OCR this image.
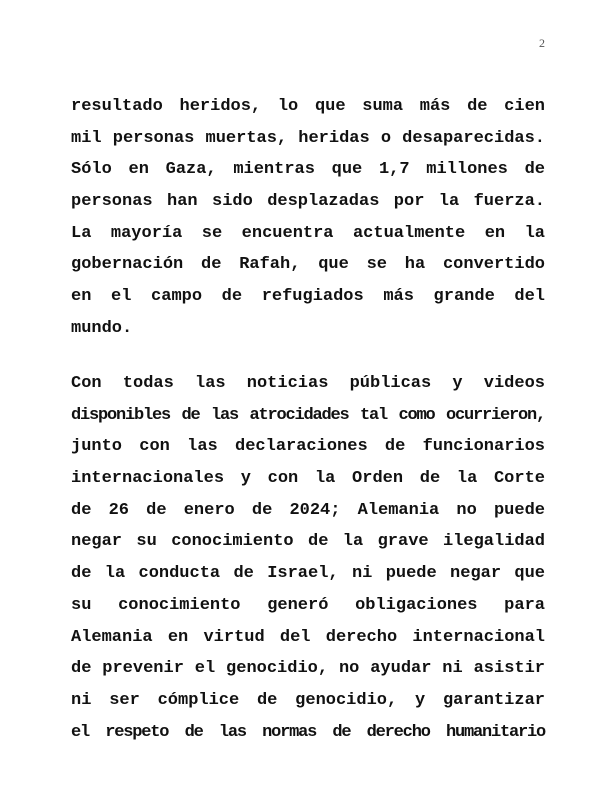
2
resultado heridos, lo que suma más de cien
mil personas muertas, heridas o desaparecidas.
Sólo en Gaza, mientras que 1,7 millones de
personas han sido desplazadas por la fuerza.
La mayoría se encuentra actualmente en la
gobernación de Rafah, que se ha convertido
en el campo de refugiados más grande del
mundo.
Con todas las noticias públicas y videos
disponibles de las atrocidades tal como ocurrieron,
junto con las declaraciones de funcionarios
internacionales y con la Orden de la Corte
de 26 de enero de 2024; Alemania no puede
negar su conocimiento de la grave ilegalidad
de la conducta de Israel, ni puede negar que
su conocimiento generó obligaciones para
Alemania en virtud del derecho internacional
de prevenir el genocidio, no ayudar ni asistir
ni ser cómplice de genocidio, y garantizar
el respeto de las normas de derecho humanitario
